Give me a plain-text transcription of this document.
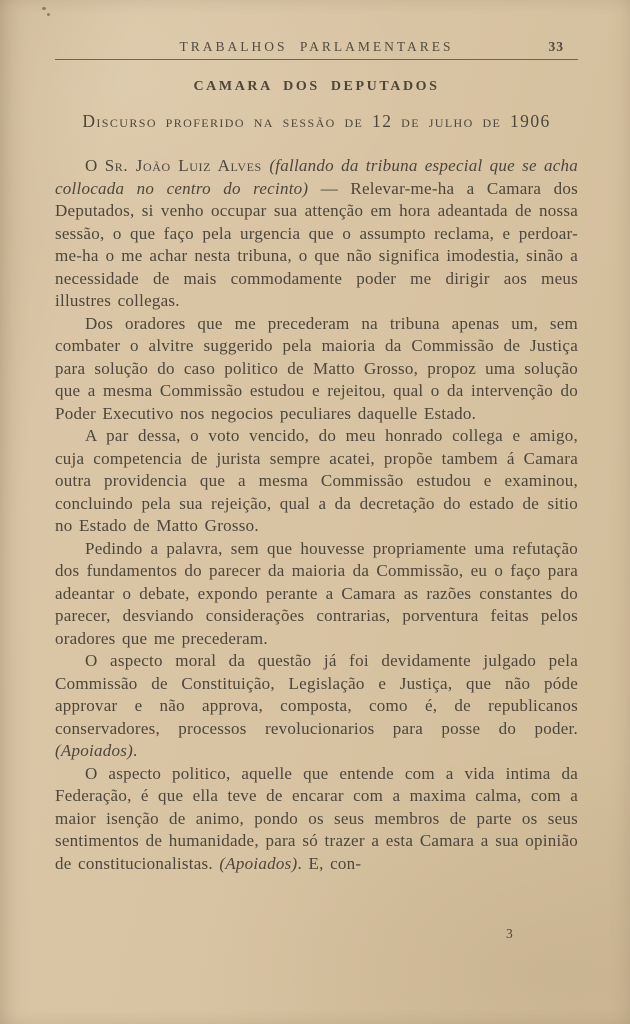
TRABALHOS PARLAMENTARES	33
CAMARA DOS DEPUTADOS
Discurso proferido na sessão de 12 de julho de 1906

O Sr. João Luiz Alves (fallando da tribuna especial que se acha collocada no centro do recinto) — Relevar-me-ha a Camara dos Deputados, si venho occupar sua attenção em hora adeantada de nossa sessão, o que faço pela urgencia que o assumpto reclama, e perdoar-me-ha o me achar nesta tribuna, o que não significa imodestia, sinão a necessidade de mais commodamente poder me dirigir aos meus illustres collegas.

Dos oradores que me precederam na tribuna apenas um, sem combater o alvitre suggerido pela maioria da Commissão de Justiça para solução do caso politico de Matto Grosso, propoz uma solução que a mesma Commissão estudou e rejeitou, qual o da intervenção do Poder Executivo nos negocios peculiares daquelle Estado.

A par dessa, o voto vencido, do meu honrado collega e amigo, cuja competencia de jurista sempre acatei, propõe tambem á Camara outra providencia que a mesma Commissão estudou e examinou, concluindo pela sua rejeição, qual a da decretação do estado de sitio no Estado de Matto Grosso.

Pedindo a palavra, sem que houvesse propriamente uma refutação dos fundamentos do parecer da maioria da Commissão, eu o faço para adeantar o debate, expondo perante a Camara as razões constantes do parecer, desviando considerações contrarias, porventura feitas pelos oradores que me precederam.

O aspecto moral da questão já foi devidamente julgado pela Commissão de Constituição, Legislação e Justiça, que não póde approvar e não approva, composta, como é, de republicanos conservadores, processos revolucionarios para posse do poder. (Apoiados).

O aspecto politico, aquelle que entende com a vida intima da Federação, é que ella teve de encarar com a maxima calma, com a maior isenção de animo, pondo os seus membros de parte os seus sentimentos de humanidade, para só trazer a esta Camara a sua opinião de constitucionalistas. (Apoiados). E, con-

3
